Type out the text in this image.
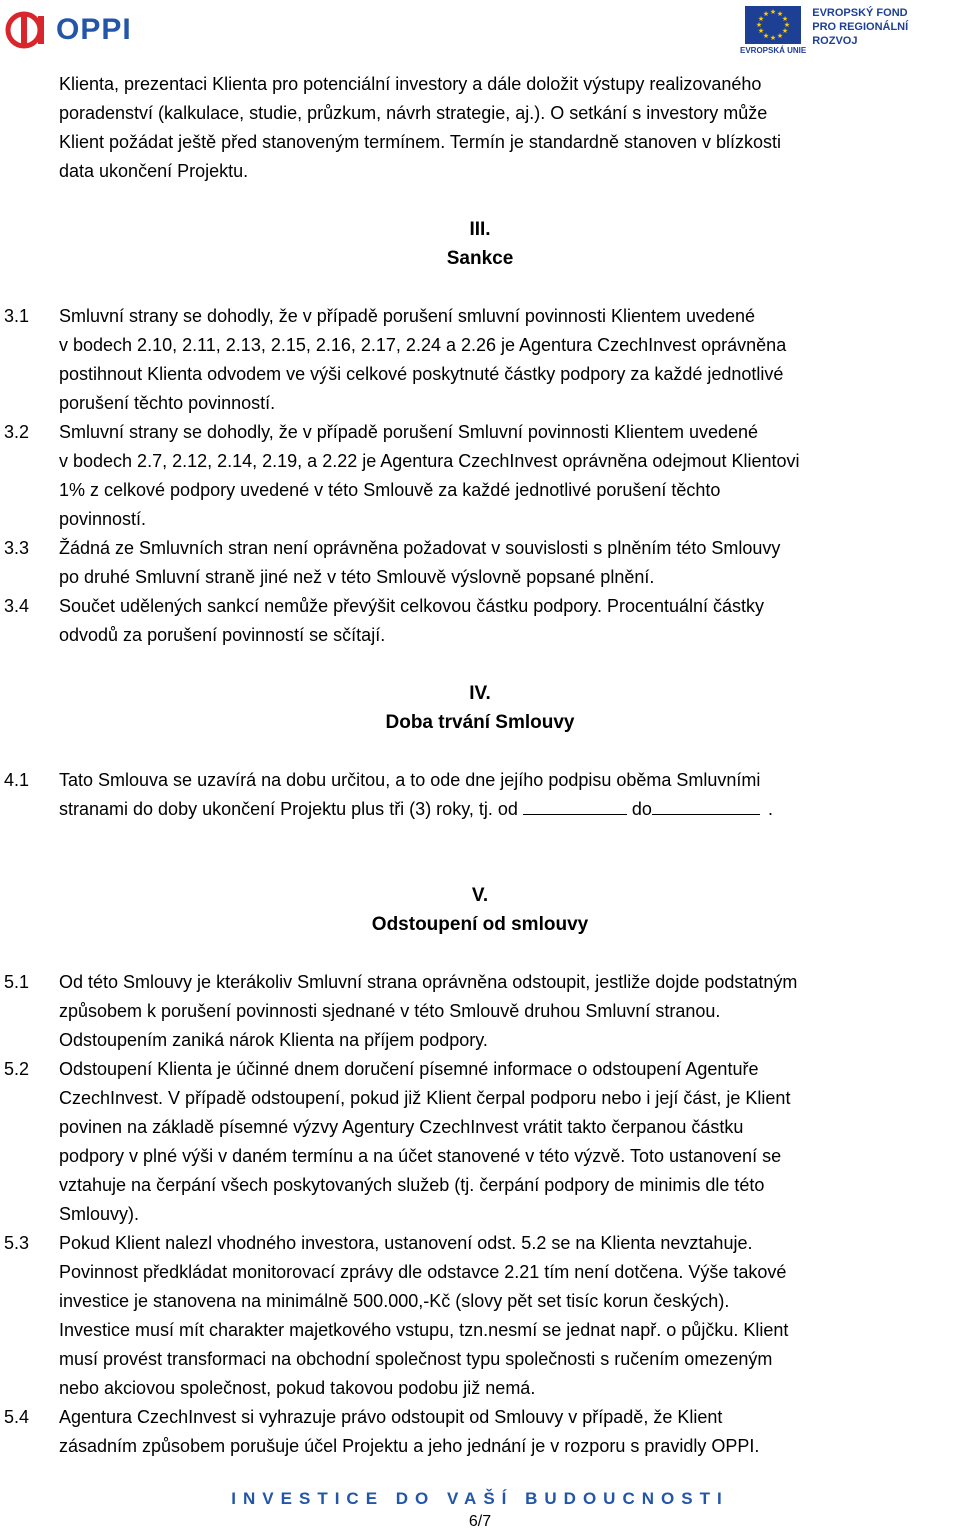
OPPI
★ ★
★
★
★
★
★
★
★
★
★
★
EVROPSKÁ UNIE
EVROPSKÝ FOND
PRO REGIONÁLNÍ
ROZVOJ

Klienta, prezentaci Klienta pro potenciální investory a dále doložit výstupy realizovaného

poradenství (kalkulace, studie, průzkum, návrh strategie, aj.). O setkání s investory může

Klient požádat ještě před stanoveným termínem. Termín je standardně stanoven v blízkosti

data ukončení Projektu.

III.

Sankce

3.1 Smluvní strany se dohodly, že v případě porušení smluvní povinnosti Klientem uvedené

v bodech 2.10, 2.11, 2.13, 2.15, 2.16, 2.17, 2.24 a 2.26 je Agentura CzechInvest oprávněna

postihnout Klienta odvodem ve výši celkové poskytnuté částky podpory za každé jednotlivé

porušení těchto povinností.

3.2 Smluvní strany se dohodly, že v případě porušení Smluvní povinnosti Klientem uvedené

v bodech 2.7, 2.12, 2.14, 2.19, a 2.22 je Agentura CzechInvest oprávněna odejmout Klientovi

1% z celkové podpory uvedené v této Smlouvě za každé jednotlivé porušení těchto

povinností.

3.3 Žádná ze Smluvních stran není oprávněna požadovat v souvislosti s plněním této Smlouvy

po druhé Smluvní straně jiné než v této Smlouvě výslovně popsané plnění.

3.4 Součet udělených sankcí nemůže převýšit celkovou částku podpory. Procentuální částky

odvodů za porušení povinností se sčítají.

IV.

Doba trvání Smlouvy

4.1 Tato Smlouva se uzavírá na dobu určitou, a to ode dne jejího podpisu oběma Smluvními

stranami do doby ukončení Projektu plus tři (3) roky, tj. od	do	.

V.

Odstoupení od smlouvy

5.1 Od této Smlouvy je kterákoliv Smluvní strana oprávněna odstoupit, jestliže dojde podstatným

způsobem k porušení povinnosti sjednané v této Smlouvě druhou Smluvní stranou.

Odstoupením zaniká nárok Klienta na příjem podpory.

5.2 Odstoupení Klienta je účinné dnem doručení písemné informace o odstoupení Agentuře

CzechInvest. V případě odstoupení, pokud již Klient čerpal podporu nebo i její část, je Klient

povinen na základě písemné výzvy Agentury CzechInvest vrátit takto čerpanou částku

podpory v plné výši v daném termínu a na účet stanovené v této výzvě. Toto ustanovení se

vztahuje na čerpání všech poskytovaných služeb (tj. čerpání podpory de minimis dle této

Smlouvy).

5.3 Pokud Klient nalezl vhodného investora, ustanovení odst. 5.2 se na Klienta nevztahuje.

Povinnost předkládat monitorovací zprávy dle odstavce 2.21 tím není dotčena. Výše takové

investice je stanovena na minimálně 500.000,-Kč (slovy pět set tisíc korun českých).

Investice musí mít charakter majetkového vstupu, tzn.nesmí se jednat např. o půjčku. Klient

musí provést transformaci na obchodní společnost typu společnosti s ručením omezeným

nebo akciovou společnost, pokud takovou podobu již nemá.

5.4 Agentura CzechInvest si vyhrazuje právo odstoupit od Smlouvy v případě, že Klient

zásadním způsobem porušuje účel Projektu a jeho jednání je v rozporu s pravidly OPPI.

INVESTICE DO VAŠÍ BUDOUCNOSTI
6/7
